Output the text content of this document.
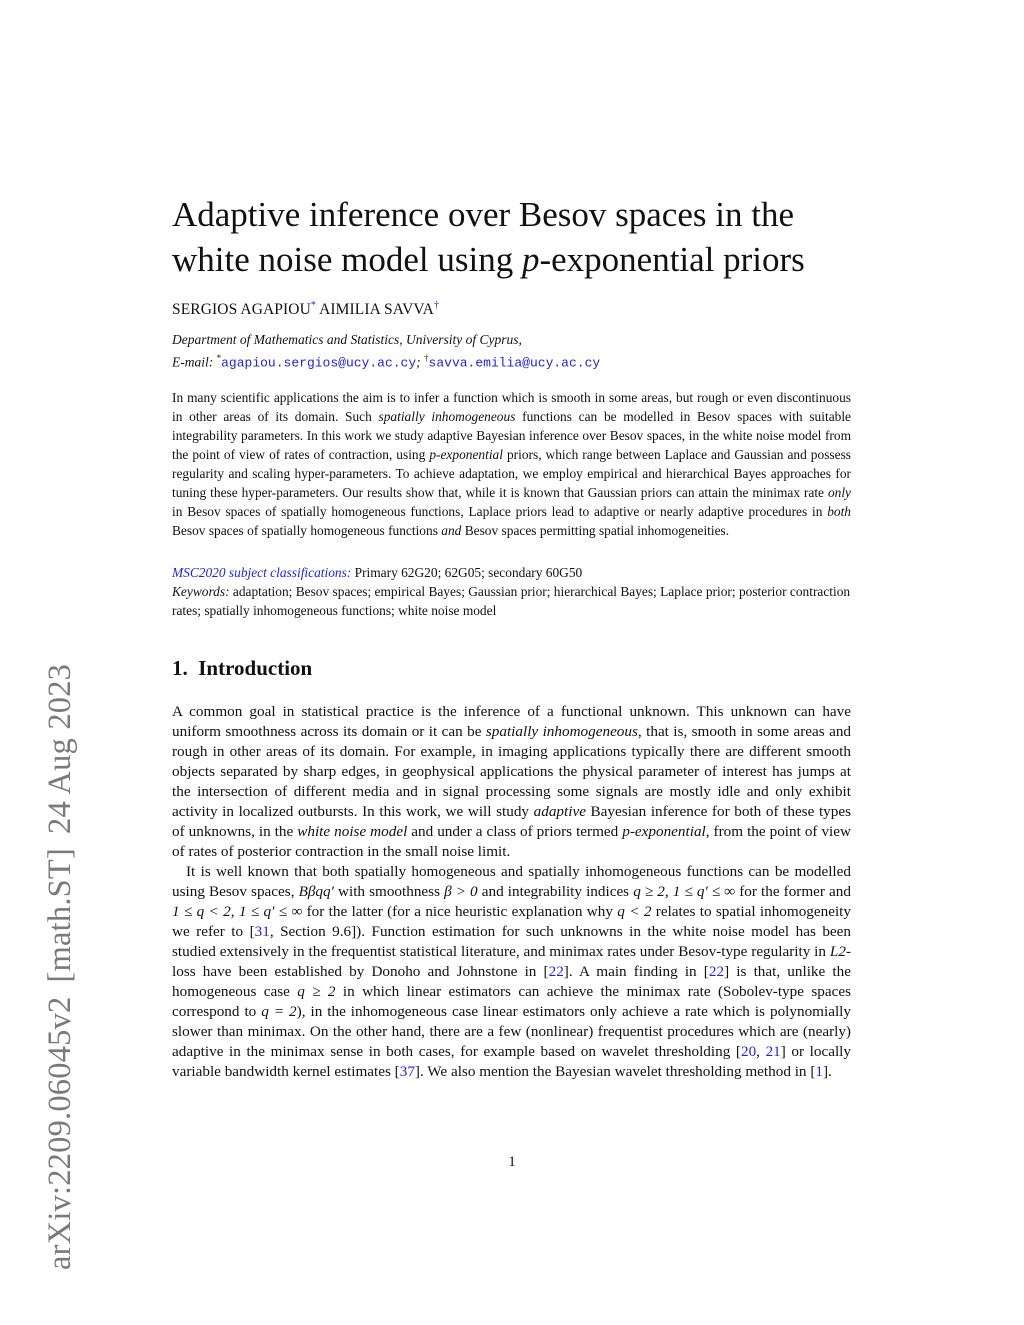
arXiv:2209.06045v2[math.ST]24 Aug 2023
Adaptive inference over Besov spaces in the
white noise model using p-exponential priors
SERGIOS AGAPIOU* AIMILIA SAVVA†
Department of Mathematics and Statistics, University of Cyprus,
E-mail: *agapiou.sergios@ucy.ac.cy; †savva.emilia@ucy.ac.cy

In many scientific applications the aim is to infer a function which is smooth in some areas, but rough or even discontinuous in other areas of its domain. Such spatially inhomogeneous functions can be modelled in Besov spaces with suitable integrability parameters. In this work we study adaptive Bayesian inference over Besov spaces, in the white noise model from the point of view of rates of contraction, using p-exponential priors, which range between Laplace and Gaussian and possess regularity and scaling hyper-parameters. To achieve adaptation, we employ empirical and hierarchical Bayes approaches for tuning these hyper-parameters. Our results show that, while it is known that Gaussian priors can attain the minimax rate only in Besov spaces of spatially homogeneous functions, Laplace priors lead to adaptive or nearly adaptive procedures in both Besov spaces of spatially homogeneous functions and Besov spaces permitting spatial inhomogeneities.

MSC2020 subject classifications: Primary 62G20; 62G05; secondary 60G50
Keywords: adaptation; Besov spaces; empirical Bayes; Gaussian prior; hierarchical Bayes; Laplace prior; posterior contraction rates; spatially inhomogeneous functions; white noise model
1. Introduction

A common goal in statistical practice is the inference of a functional unknown. This unknown can have uniform smoothness across its domain or it can be spatially inhomogeneous, that is, smooth in some areas and rough in other areas of its domain. For example, in imaging applications typically there are different smooth objects separated by sharp edges, in geophysical applications the physical parameter of interest has jumps at the intersection of different media and in signal processing some signals are mostly idle and only exhibit activity in localized outbursts. In this work, we will study adaptive Bayesian inference for both of these types of unknowns, in the white noise model and under a class of priors termed p-exponential, from the point of view of rates of posterior contraction in the small noise limit.

It is well known that both spatially homogeneous and spatially inhomogeneous functions can be modelled using Besov spaces, Bβqq′ with smoothness β > 0 and integrability indices q ≥ 2, 1 ≤ q′ ≤ ∞ for the former and 1 ≤ q < 2, 1 ≤ q′ ≤ ∞ for the latter (for a nice heuristic explanation why q < 2 relates to spatial inhomogeneity we refer to [31, Section 9.6]). Function estimation for such unknowns in the white noise model has been studied extensively in the frequentist statistical literature, and minimax rates under Besov-type regularity in L2-loss have been established by Donoho and Johnstone in [22]. A main finding in [22] is that, unlike the homogeneous case q ≥ 2 in which linear estimators can achieve the minimax rate (Sobolev-type spaces correspond to q = 2), in the inhomogeneous case linear estimators only achieve a rate which is polynomially slower than minimax. On the other hand, there are a few (nonlinear) frequentist procedures which are (nearly) adaptive in the minimax sense in both cases, for example based on wavelet thresholding [20, 21] or locally variable bandwidth kernel estimates [37]. We also mention the Bayesian wavelet thresholding method in [1].

1
